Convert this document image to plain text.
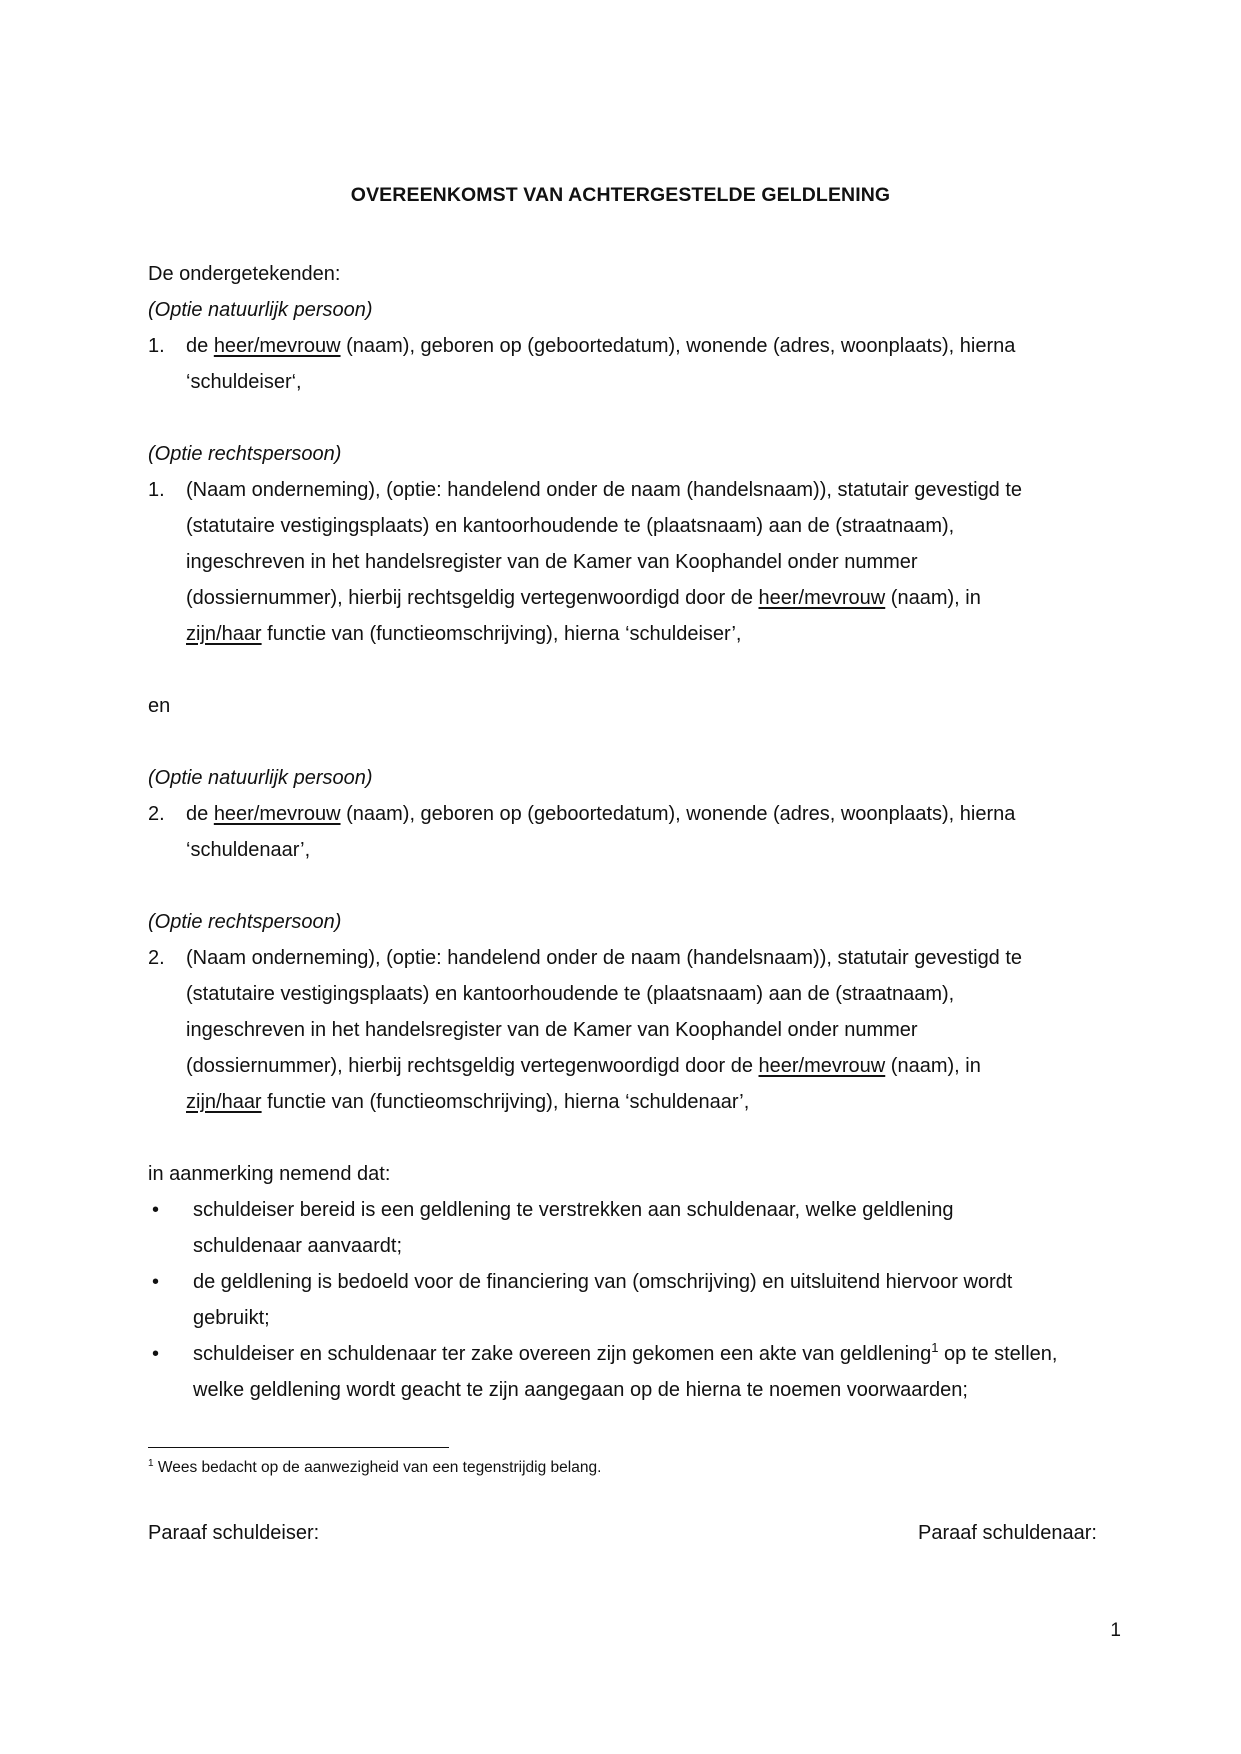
OVEREENKOMST VAN ACHTERGESTELDE GELDLENING

De ondergetekenden:

(Optie natuurlijk persoon)

1. de heer/mevrouw (naam), geboren op (geboortedatum), wonende (adres, woonplaats), hierna

‘schuldeiser‘,

(Optie rechtspersoon)

1. (Naam onderneming), (optie: handelend onder de naam (handelsnaam)), statutair gevestigd te

(statutaire vestigingsplaats) en kantoorhoudende te (plaatsnaam) aan de (straatnaam),

ingeschreven in het handelsregister van de Kamer van Koophandel onder nummer

(dossiernummer), hierbij rechtsgeldig vertegenwoordigd door de heer/mevrouw (naam), in

zijn/haar functie van (functieomschrijving), hierna ‘schuldeiser’,

en

(Optie natuurlijk persoon)

2. de heer/mevrouw (naam), geboren op (geboortedatum), wonende (adres, woonplaats), hierna

‘schuldenaar’,

(Optie rechtspersoon)

2. (Naam onderneming), (optie: handelend onder de naam (handelsnaam)), statutair gevestigd te

(statutaire vestigingsplaats) en kantoorhoudende te (plaatsnaam) aan de (straatnaam),

ingeschreven in het handelsregister van de Kamer van Koophandel onder nummer

(dossiernummer), hierbij rechtsgeldig vertegenwoordigd door de heer/mevrouw (naam), in

zijn/haar functie van (functieomschrijving), hierna ‘schuldenaar’,

in aanmerking nemend dat:

• schuldeiser bereid is een geldlening te verstrekken aan schuldenaar, welke geldlening

schuldenaar aanvaardt;

• de geldlening is bedoeld voor de financiering van (omschrijving) en uitsluitend hiervoor wordt

gebruikt;

• schuldeiser en schuldenaar ter zake overeen zijn gekomen een akte van geldlening$^1$ op te stellen,

welke geldlening wordt geacht te zijn aangegaan op de hierna te noemen voorwaarden;

$^1$ Wees bedacht op de aanwezigheid van een tegenstrijdig belang.
Paraaf schuldeiser:	Paraaf schuldenaar:
1
